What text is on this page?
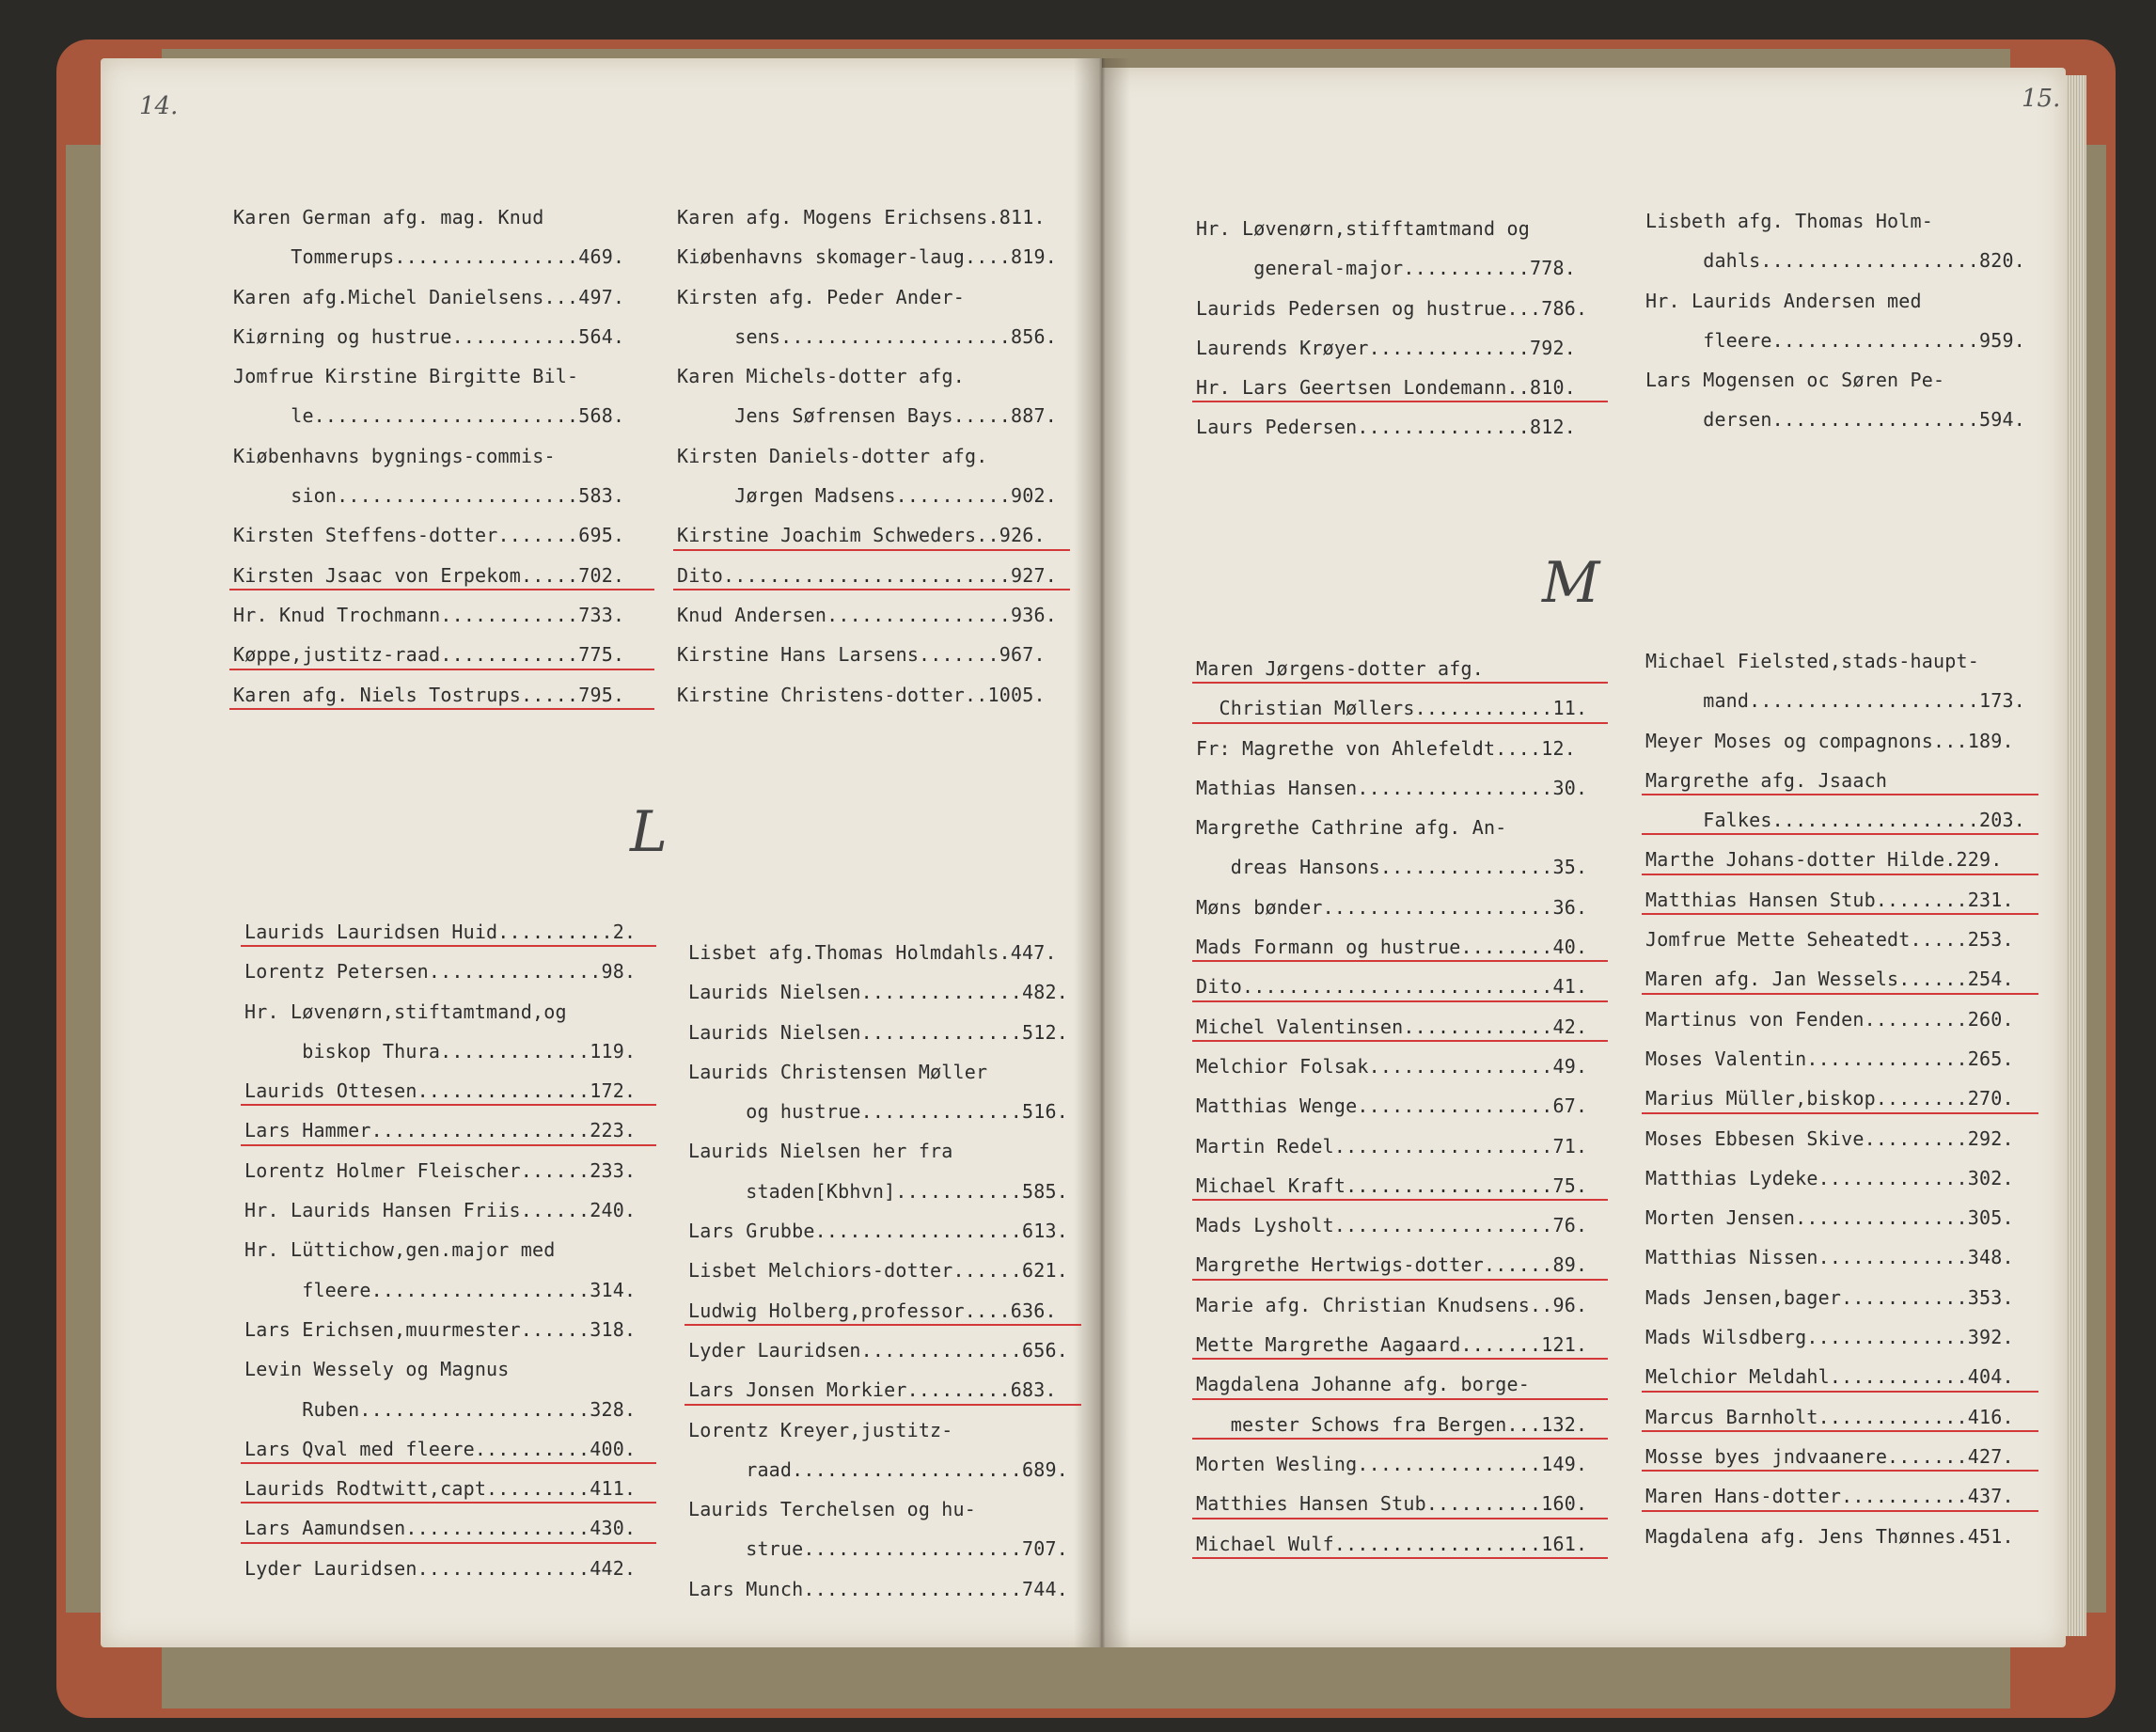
14.	15.
L
M
Karen German afg. mag. Knud
Tommerups................469.
Karen afg.Michel Danielsens...497.
Kiørning og hustrue...........564.
Jomfrue Kirstine Birgitte Bil-
le.......................568.
Kiøbenhavns bygnings-commis-
sion.....................583.
Kirsten Steffens-dotter.......695.
Kirsten Jsaac von Erpekom.....702.
Hr. Knud Trochmann............733.
Køppe,justitz-raad............775.
Karen afg. Niels Tostrups.....795.
Karen afg. Mogens Erichsens.811.
Kiøbenhavns skomager-laug....819.
Kirsten afg. Peder Ander-
sens....................856.
Karen Michels-dotter afg.
Jens Søfrensen Bays.....887.
Kirsten Daniels-dotter afg.
Jørgen Madsens..........902.
Kirstine Joachim Schweders..926.
Dito.........................927.
Knud Andersen................936.
Kirstine Hans Larsens.......967.
Kirstine Christens-dotter..1005.
Laurids Lauridsen Huid..........2.
Lorentz Petersen...............98.
Hr. Løvenørn,stiftamtmand,og
biskop Thura.............119.
Laurids Ottesen...............172.
Lars Hammer...................223.
Lorentz Holmer Fleischer......233.
Hr. Laurids Hansen Friis......240.
Hr. Lüttichow,gen.major med
fleere...................314.
Lars Erichsen,muurmester......318.
Levin Wessely og Magnus
Ruben....................328.
Lars Qval med fleere..........400.
Laurids Rodtwitt,capt.........411.
Lars Aamundsen................430.
Lyder Lauridsen...............442.
Lisbet afg.Thomas Holmdahls.447.
Laurids Nielsen..............482.
Laurids Nielsen..............512.
Laurids Christensen Møller
og hustrue..............516.
Laurids Nielsen her fra
staden[Kbhvn]...........585.
Lars Grubbe..................613.
Lisbet Melchiors-dotter......621.
Ludwig Holberg,professor....636.
Lyder Lauridsen..............656.
Lars Jonsen Morkier.........683.
Lorentz Kreyer,justitz-
raad....................689.
Laurids Terchelsen og hu-
strue...................707.
Lars Munch...................744.
Hr. Løvenørn,stifftamtmand og
general-major...........778.
Laurids Pedersen og hustrue...786.
Laurends Krøyer..............792.
Hr. Lars Geertsen Londemann..810.
Laurs Pedersen...............812.
Lisbeth afg. Thomas Holm-
dahls...................820.
Hr. Laurids Andersen med
fleere..................959.
Lars Mogensen oc Søren Pe-
dersen..................594.
Maren Jørgens-dotter afg.
Christian Møllers............11.
Fr: Magrethe von Ahlefeldt....12.
Mathias Hansen.................30.
Margrethe Cathrine afg. An-
dreas Hansons...............35.
Møns bønder....................36.
Mads Formann og hustrue........40.
Dito...........................41.
Michel Valentinsen.............42.
Melchior Folsak................49.
Matthias Wenge.................67.
Martin Redel...................71.
Michael Kraft..................75.
Mads Lysholt...................76.
Margrethe Hertwigs-dotter......89.
Marie afg. Christian Knudsens..96.
Mette Margrethe Aagaard.......121.
Magdalena Johanne afg. borge-
mester Schows fra Bergen...132.
Morten Wesling................149.
Matthies Hansen Stub..........160.
Michael Wulf..................161.
Michael Fielsted,stads-haupt-
mand....................173.
Meyer Moses og compagnons...189.
Margrethe afg. Jsaach
Falkes..................203.
Marthe Johans-dotter Hilde.229.
Matthias Hansen Stub........231.
Jomfrue Mette Seheatedt.....253.
Maren afg. Jan Wessels......254.
Martinus von Fenden.........260.
Moses Valentin..............265.
Marius Müller,biskop........270.
Moses Ebbesen Skive.........292.
Matthias Lydeke.............302.
Morten Jensen...............305.
Matthias Nissen.............348.
Mads Jensen,bager...........353.
Mads Wilsdberg..............392.
Melchior Meldahl............404.
Marcus Barnholt.............416.
Mosse byes jndvaanere.......427.
Maren Hans-dotter...........437.
Magdalena afg. Jens Thønnes.451.
